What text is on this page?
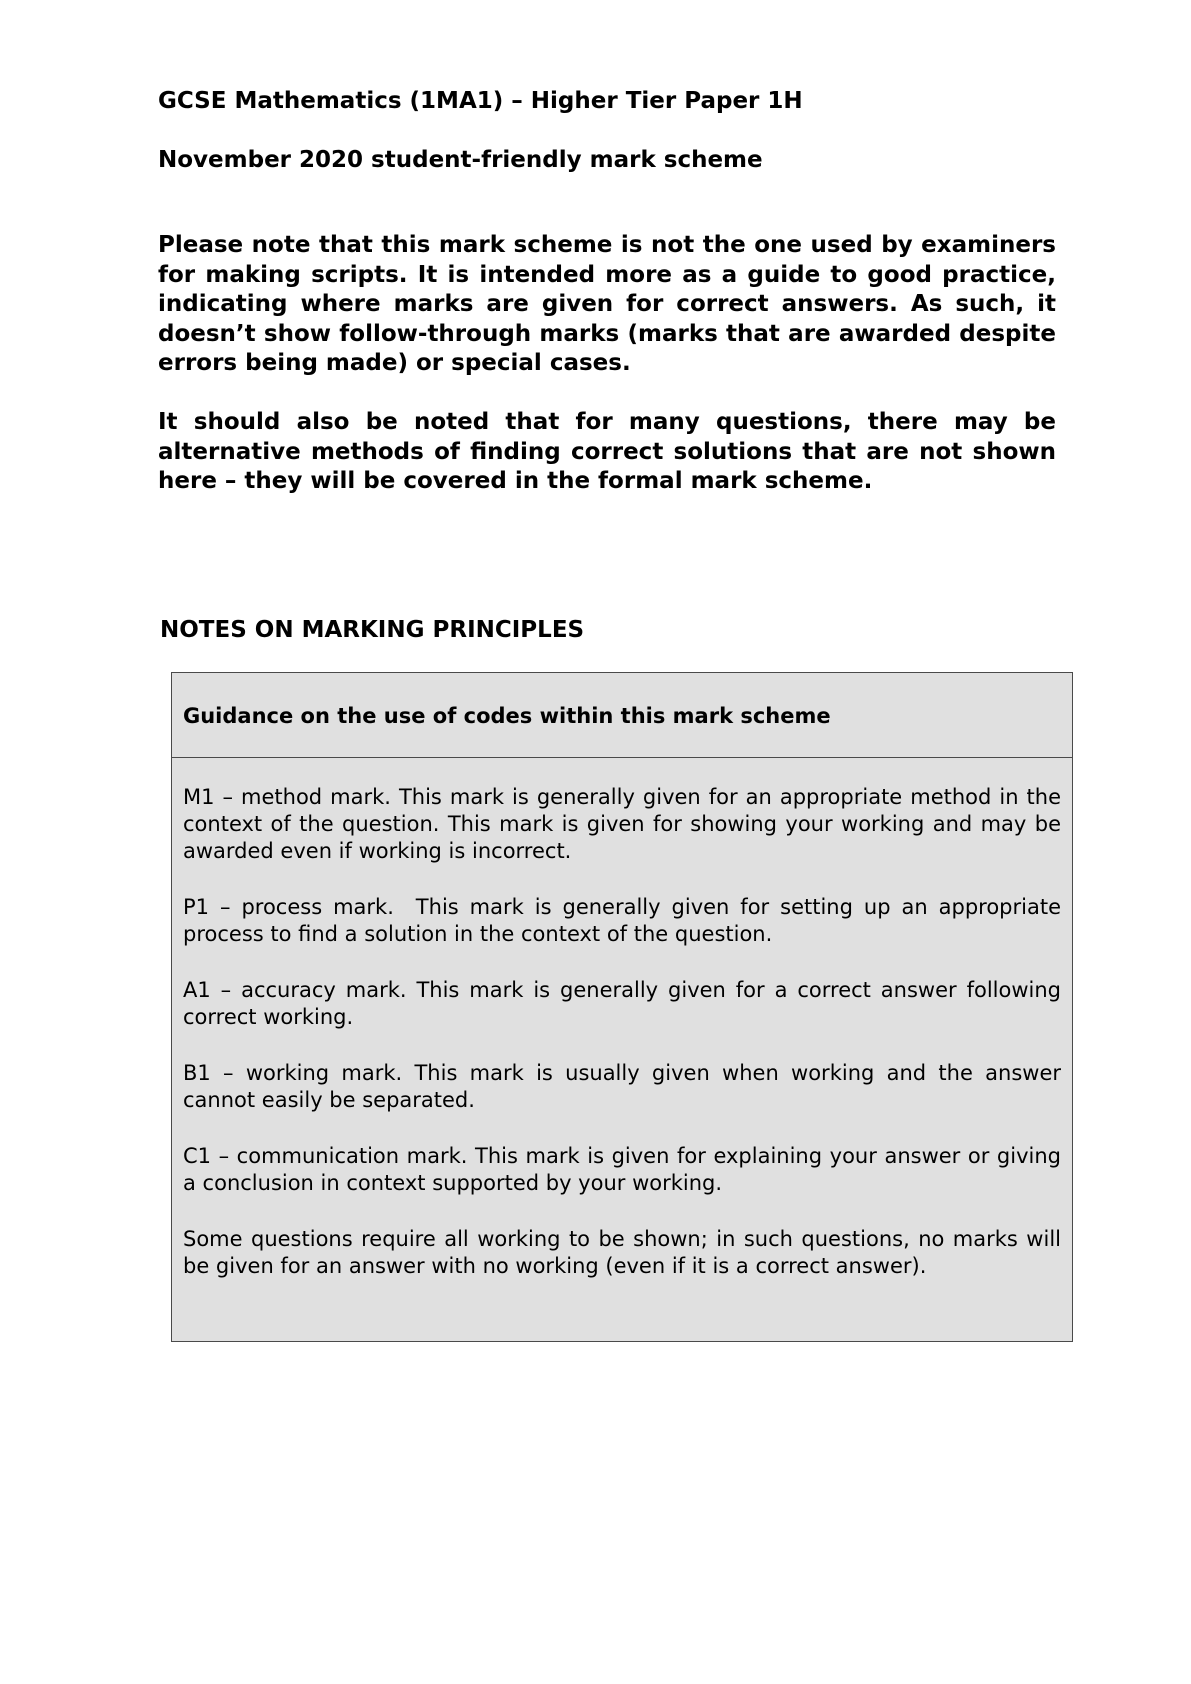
GCSE Mathematics (1MA1) – Higher Tier Paper 1H
November 2020 student-friendly mark scheme

Please note that this mark scheme is not the one used by examiners for making scripts. It is intended more as a guide to good practice, indicating where marks are given for correct answers. As such, it doesn’t show follow-through marks (marks that are awarded despite errors being made) or special cases.

It should also be noted that for many questions, there may be alternative methods of finding correct solutions that are not shown here – they will be covered in the formal mark scheme.

NOTES ON MARKING PRINCIPLES
Guidance on the use of codes within this mark scheme

M1 – method mark. This mark is generally given for an appropriate method in the context of the question. This mark is given for showing your working and may be awarded even if working is incorrect.

P1 – process mark.  This mark is generally given for setting up an appropriate process to find a solution in the context of the question.

A1 – accuracy mark. This mark is generally given for a correct answer following correct working.

B1 – working mark. This mark is usually given when working and the answer cannot easily be separated.

C1 – communication mark. This mark is given for explaining your answer or giving a conclusion in context supported by your working.

Some questions require all working to be shown; in such questions, no marks will be given for an answer with no working (even if it is a correct answer).
